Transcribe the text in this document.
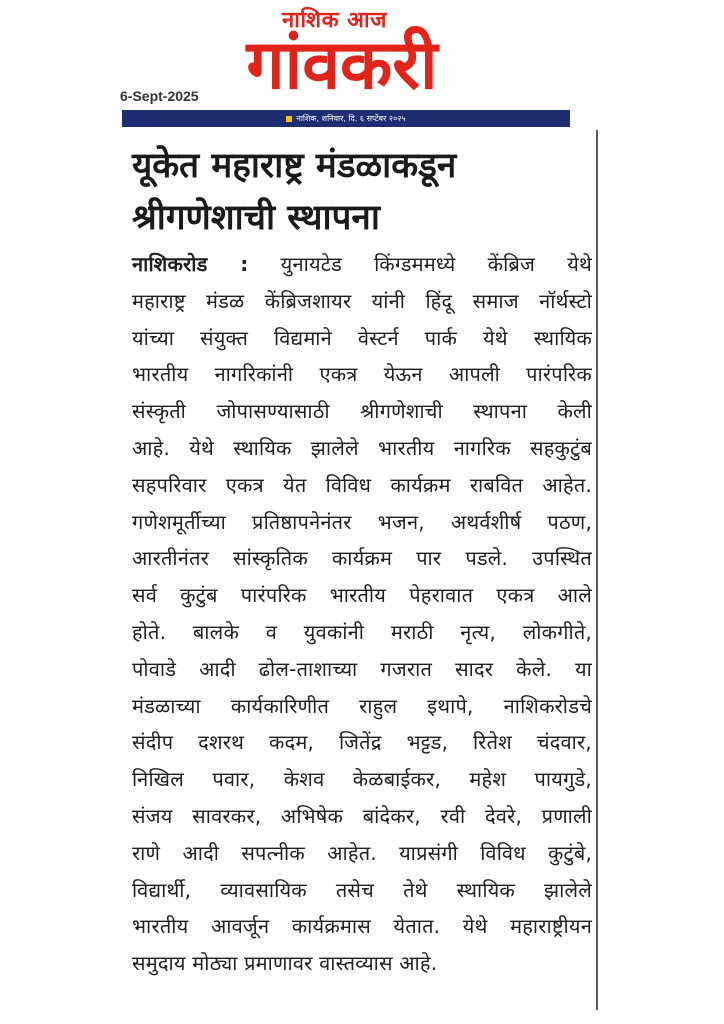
नाशिक आज
गांवकरी
6-Sept-2025
नाशिक, शनिवार, दि. ६ सप्टेंबर २०२५
यूकेत महाराष्ट्र मंडळाकडून
श्रीगणेशाची स्थापना
नाशिकरोड : युनायटेड किंग्डममध्ये केंब्रिज येथे
महाराष्ट्र मंडळ केंब्रिजशायर यांनी हिंदू समाज नॉर्थस्टो
यांच्या संयुक्त विद्यमाने वेस्टर्न पार्क येथे स्थायिक
भारतीय नागरिकांनी एकत्र येऊन आपली पारंपरिक
संस्कृती जोपासण्यासाठी श्रीगणेशाची स्थापना केली
आहे. येथे स्थायिक झालेले भारतीय नागरिक सहकुटुंब
सहपरिवार एकत्र येत विविध कार्यक्रम राबवित आहेत.
गणेशमूर्तीच्या प्रतिष्ठापनेनंतर भजन, अथर्वशीर्ष पठण,
आरतीनंतर सांस्कृतिक कार्यक्रम पार पडले. उपस्थित
सर्व कुटुंब पारंपरिक भारतीय पेहरावात एकत्र आले
होते. बालके व युवकांनी मराठी नृत्य, लोकगीते,
पोवाडे आदी ढोल-ताशाच्या गजरात सादर केले. या
मंडळाच्या कार्यकारिणीत राहुल इथापे, नाशिकरोडचे
संदीप दशरथ कदम, जितेंद्र भट्टड, रितेश चंदवार,
निखिल पवार, केशव केळबाईकर, महेश पायगुडे,
संजय सावरकर, अभिषेक बांदेकर, रवी देवरे, प्रणाली
राणे आदी सपत्नीक आहेत. याप्रसंगी विविध कुटुंबे,
विद्यार्थी, व्यावसायिक तसेच तेथे स्थायिक झालेले
भारतीय आवर्जून कार्यक्रमास येतात. येथे महाराष्ट्रीयन
समुदाय मोठ्या प्रमाणावर वास्तव्यास आहे.
